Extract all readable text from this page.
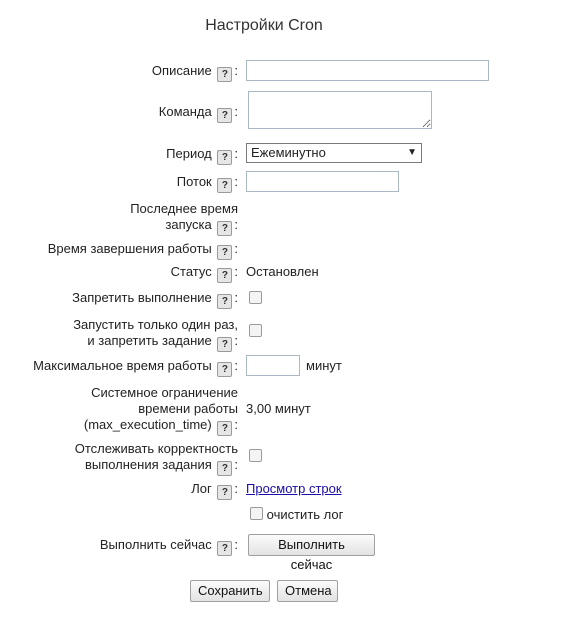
Настройки Cron
Описание ? :
Команда ? :
Период ? :	Ежеминутно	▼
Поток ? :
Последнее время
запуска ? :
Время завершения работы ? :
Статус ? : Остановлен
Запретить выполнение ? :
Запустить только один раз,
и запретить задание ? :
Максимальное время работы ? :	минут
Системное ограничение
времени работы
(max_execution_time) ? :
3,00 минут
Отслеживать корректность
выполнения задания ? :
Лог ? : Просмотр строк
очистить лог
Выполнить сейчас ? :	Выполнить сейчас
Сохранить	Отмена
